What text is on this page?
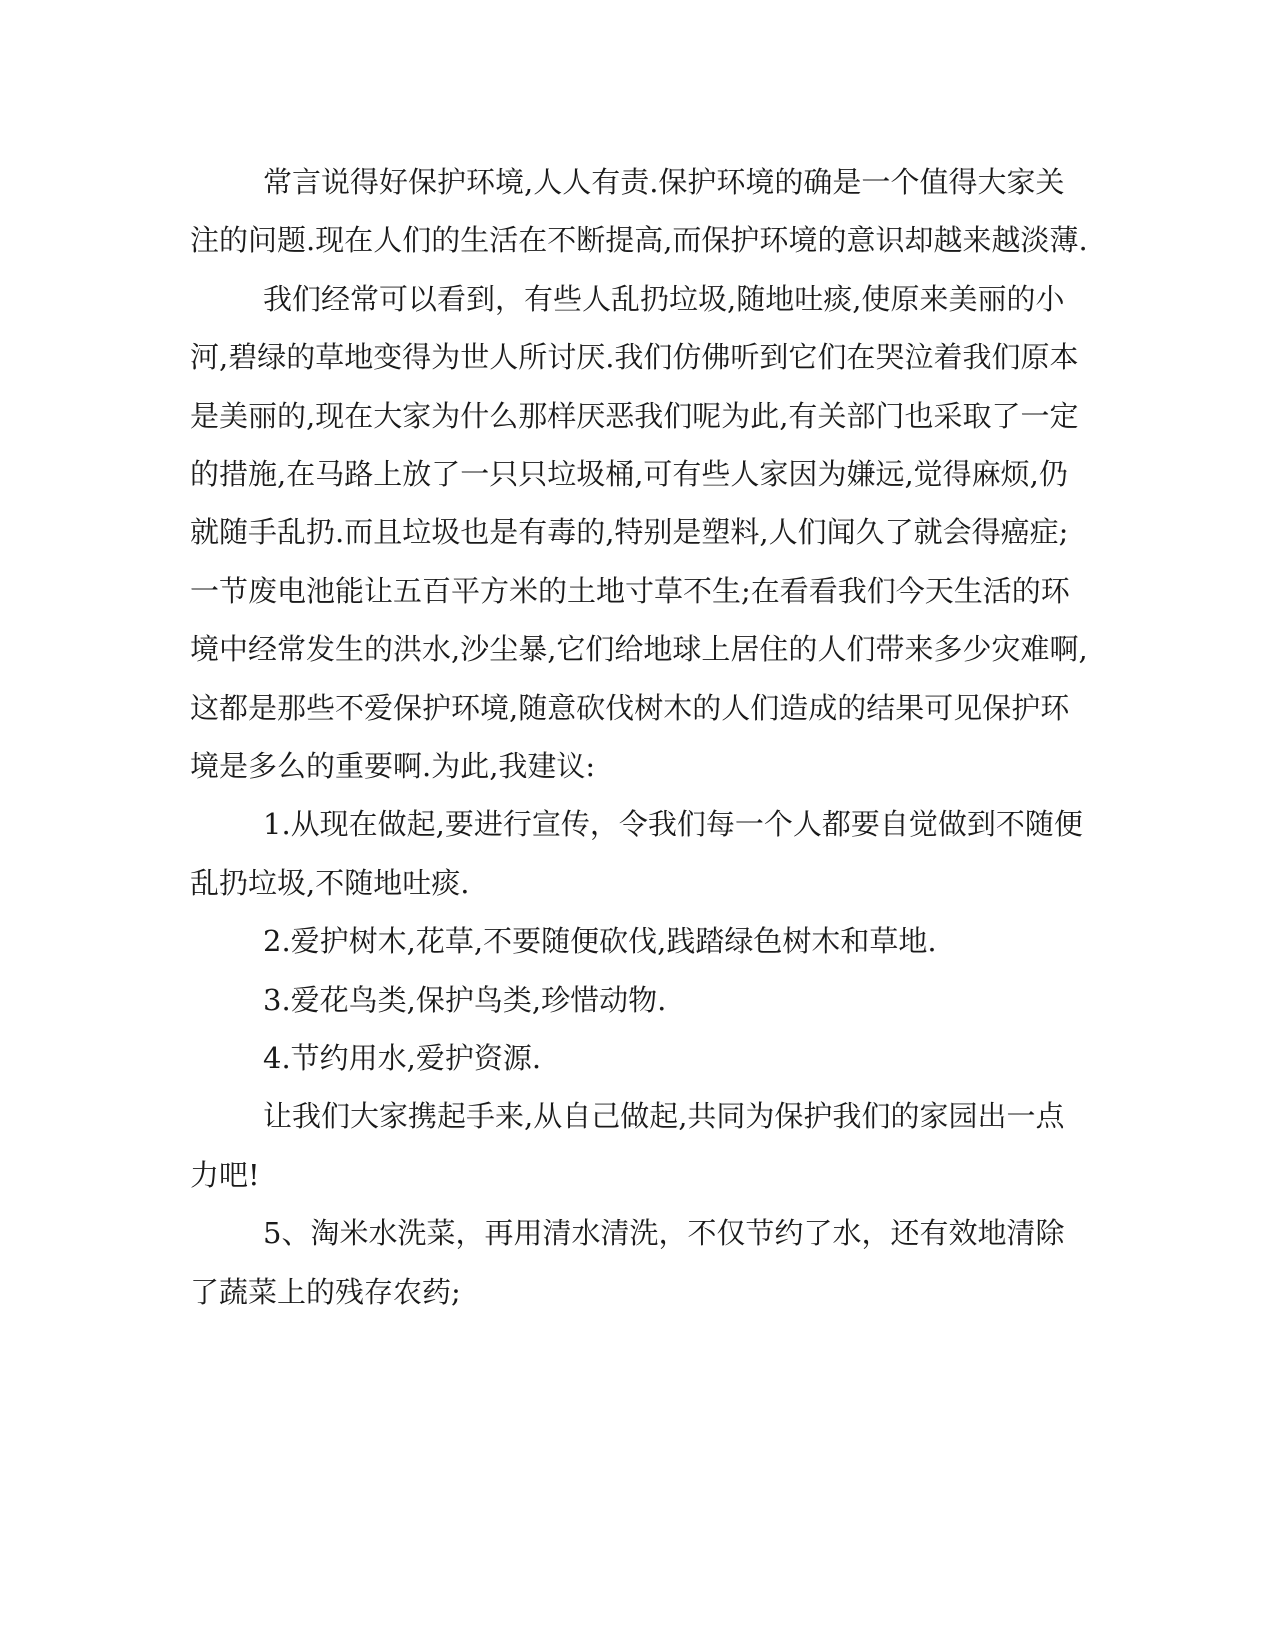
常言说得好保护环境,人人有责.保护环境的确是一个值得大家关
注的问题.现在人们的生活在不断提高,而保护环境的意识却越来越淡薄.
我们经常可以看到，有些人乱扔垃圾,随地吐痰,使原来美丽的小
河,碧绿的草地变得为世人所讨厌.我们仿佛听到它们在哭泣着我们原本
是美丽的,现在大家为什么那样厌恶我们呢为此,有关部门也采取了一定
的措施,在马路上放了一只只垃圾桶,可有些人家因为嫌远,觉得麻烦,仍
就随手乱扔.而且垃圾也是有毒的,特别是塑料,人们闻久了就会得癌症;
一节废电池能让五百平方米的土地寸草不生;在看看我们今天生活的环
境中经常发生的洪水,沙尘暴,它们给地球上居住的人们带来多少灾难啊,
这都是那些不爱保护环境,随意砍伐树木的人们造成的结果可见保护环
境是多么的重要啊.为此,我建议:
1.从现在做起,要进行宣传，令我们每一个人都要自觉做到不随便
乱扔垃圾,不随地吐痰.
2.爱护树木,花草,不要随便砍伐,践踏绿色树木和草地.
3.爱花鸟类,保护鸟类,珍惜动物.
4.节约用水,爱护资源.
让我们大家携起手来,从自己做起,共同为保护我们的家园出一点
力吧!
5、淘米水洗菜，再用清水清洗，不仅节约了水，还有效地清除
了蔬菜上的残存农药;
